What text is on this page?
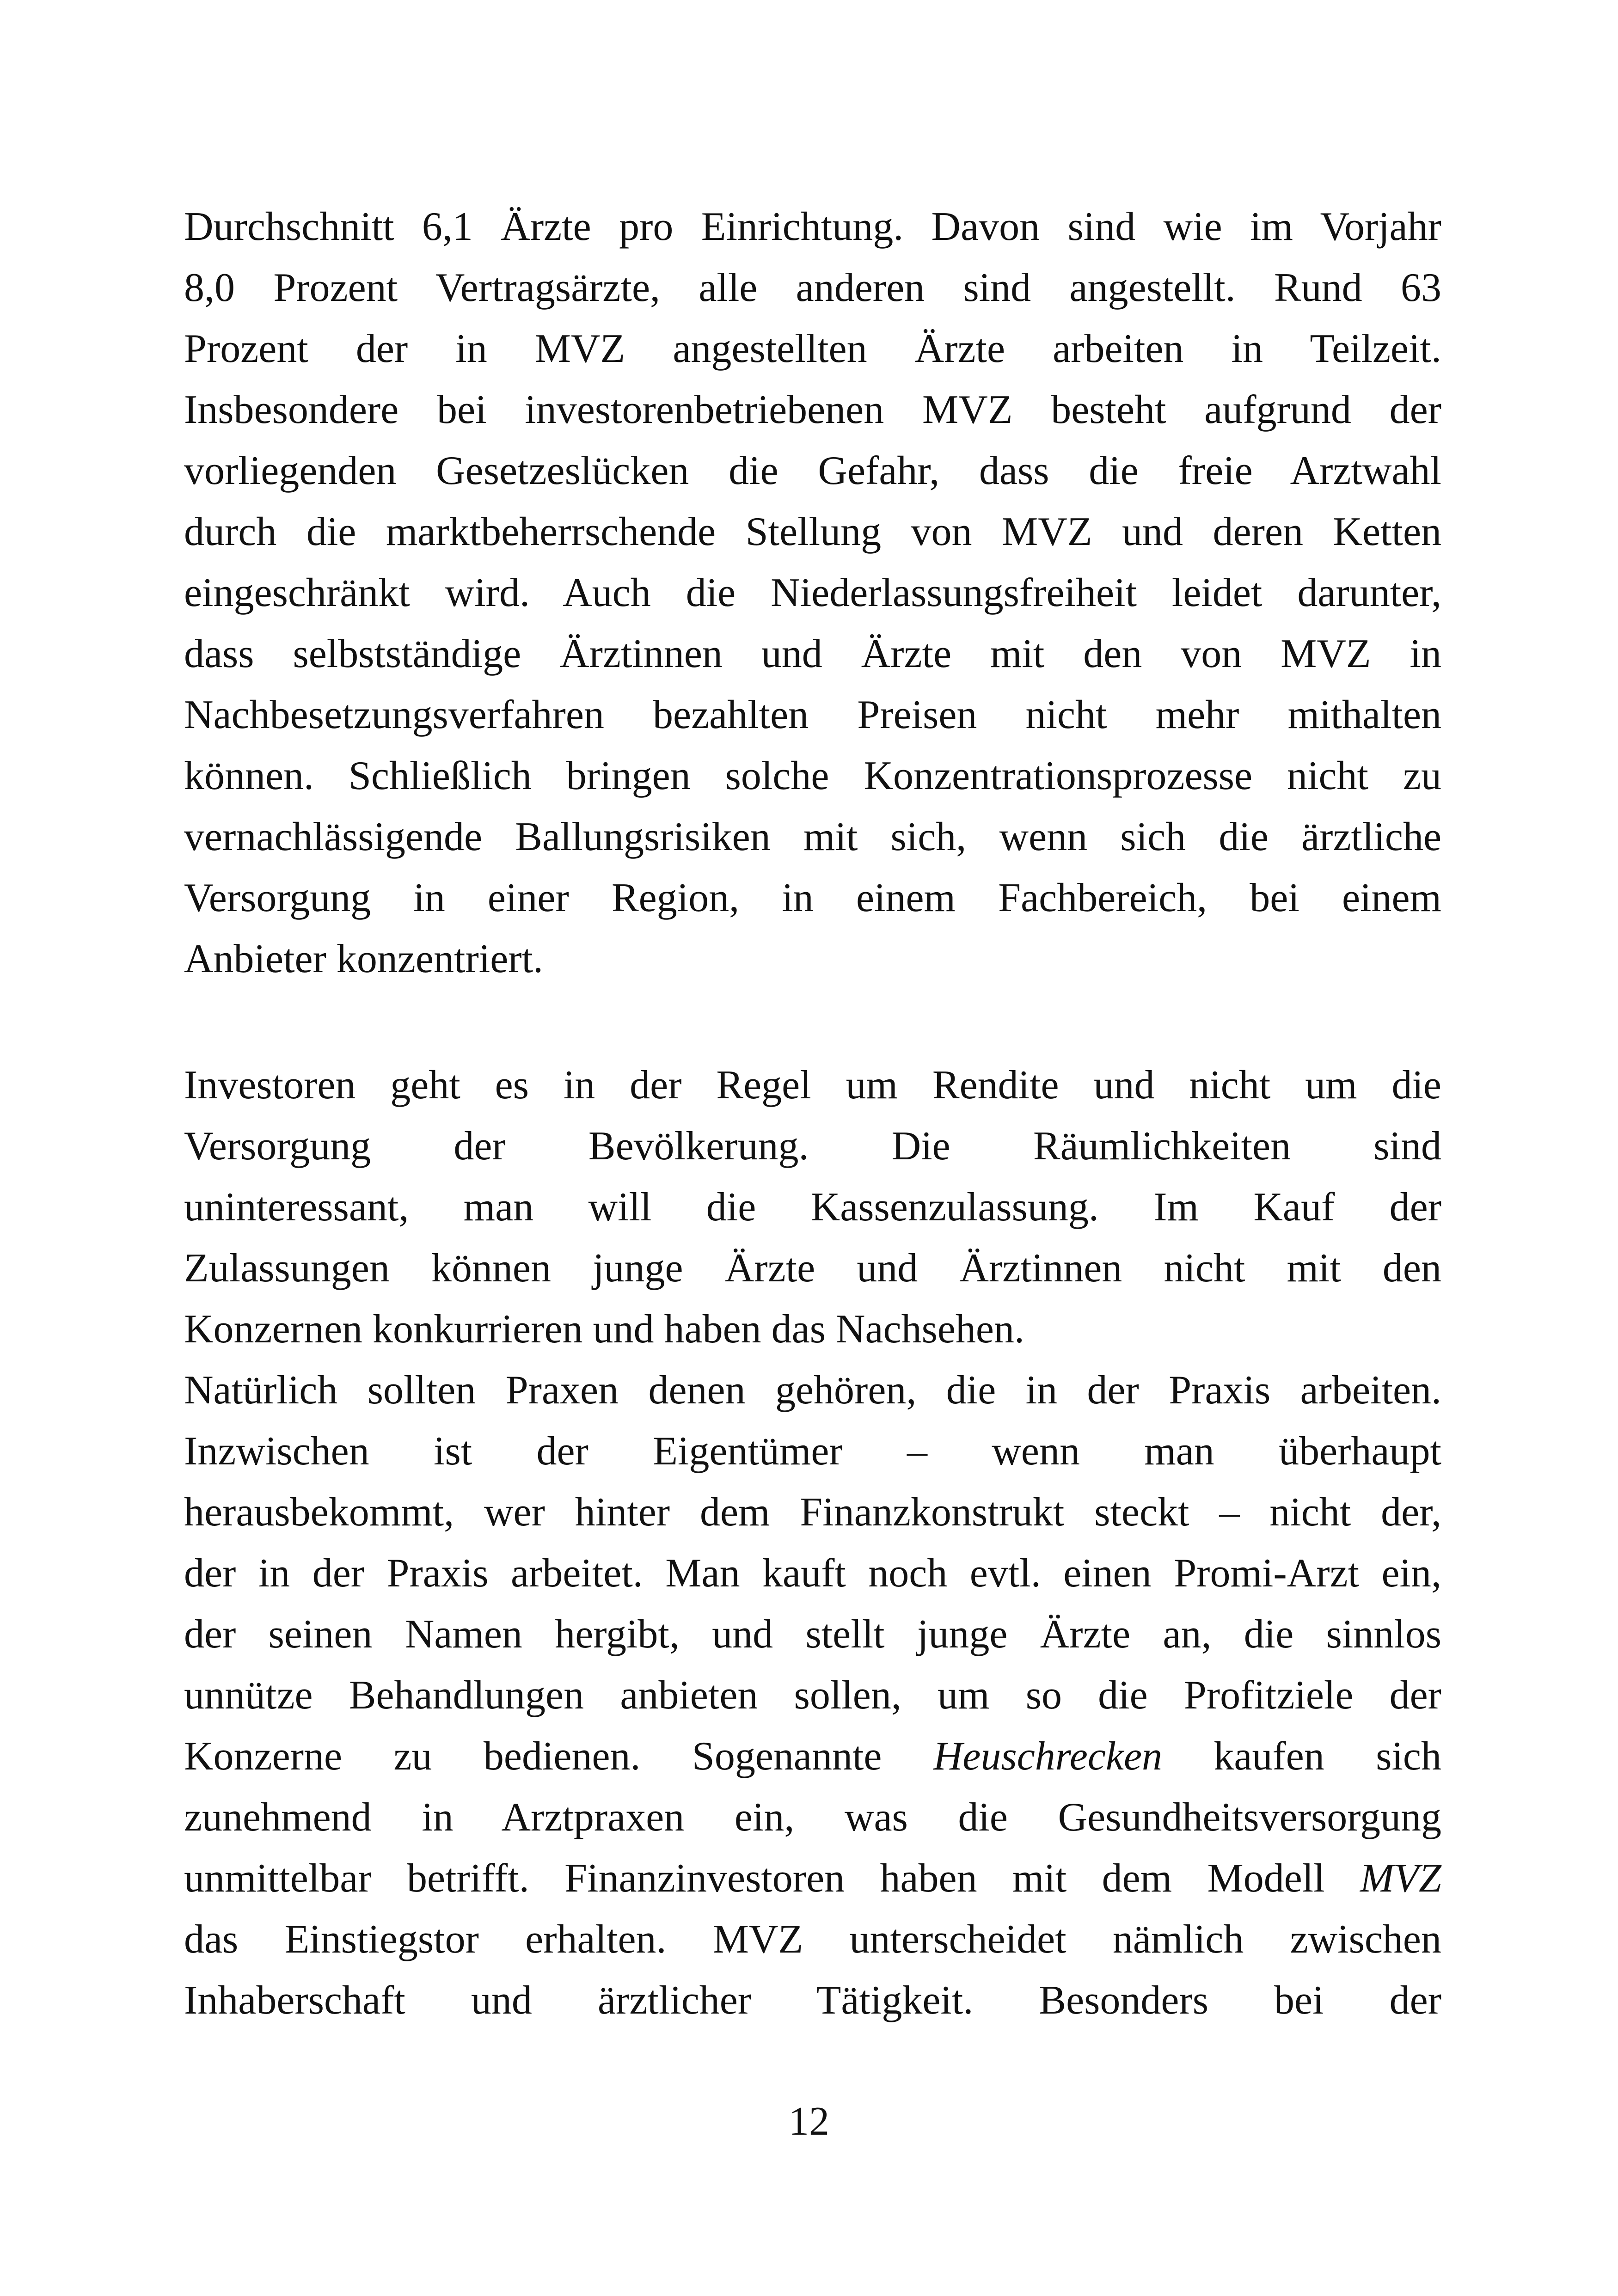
Durchschnitt 6,1 Ärzte pro Einrichtung. Davon sind wie im Vorjahr
8,0 Prozent Vertragsärzte, alle anderen sind angestellt. Rund 63
Prozent der in MVZ angestellten Ärzte arbeiten in Teilzeit.
Insbesondere bei investorenbetriebenen MVZ besteht aufgrund der
vorliegenden Gesetzeslücken die Gefahr, dass die freie Arztwahl
durch die marktbeherrschende Stellung von MVZ und deren Ketten
eingeschränkt wird. Auch die Niederlassungsfreiheit leidet darunter,
dass selbstständige Ärztinnen und Ärzte mit den von MVZ in
Nachbesetzungsverfahren bezahlten Preisen nicht mehr mithalten
können. Schließlich bringen solche Konzentrationsprozesse nicht zu
vernachlässigende Ballungsrisiken mit sich, wenn sich die ärztliche
Versorgung in einer Region, in einem Fachbereich, bei einem
Anbieter konzentriert.
Investoren geht es in der Regel um Rendite und nicht um die
Versorgung der Bevölkerung. Die Räumlichkeiten sind
uninteressant, man will die Kassenzulassung. Im Kauf der
Zulassungen können junge Ärzte und Ärztinnen nicht mit den
Konzernen konkurrieren und haben das Nachsehen.
Natürlich sollten Praxen denen gehören, die in der Praxis arbeiten.
Inzwischen ist der Eigentümer – wenn man überhaupt
herausbekommt, wer hinter dem Finanzkonstrukt steckt – nicht der,
der in der Praxis arbeitet. Man kauft noch evtl. einen Promi-Arzt ein,
der seinen Namen hergibt, und stellt junge Ärzte an, die sinnlos
unnütze Behandlungen anbieten sollen, um so die Profitziele der
Konzerne zu bedienen. Sogenannte Heuschrecken kaufen sich
zunehmend in Arztpraxen ein, was die Gesundheitsversorgung
unmittelbar betrifft. Finanzinvestoren haben mit dem Modell MVZ
das Einstiegstor erhalten. MVZ unterscheidet nämlich zwischen
Inhaberschaft und ärztlicher Tätigkeit. Besonders bei der
12
